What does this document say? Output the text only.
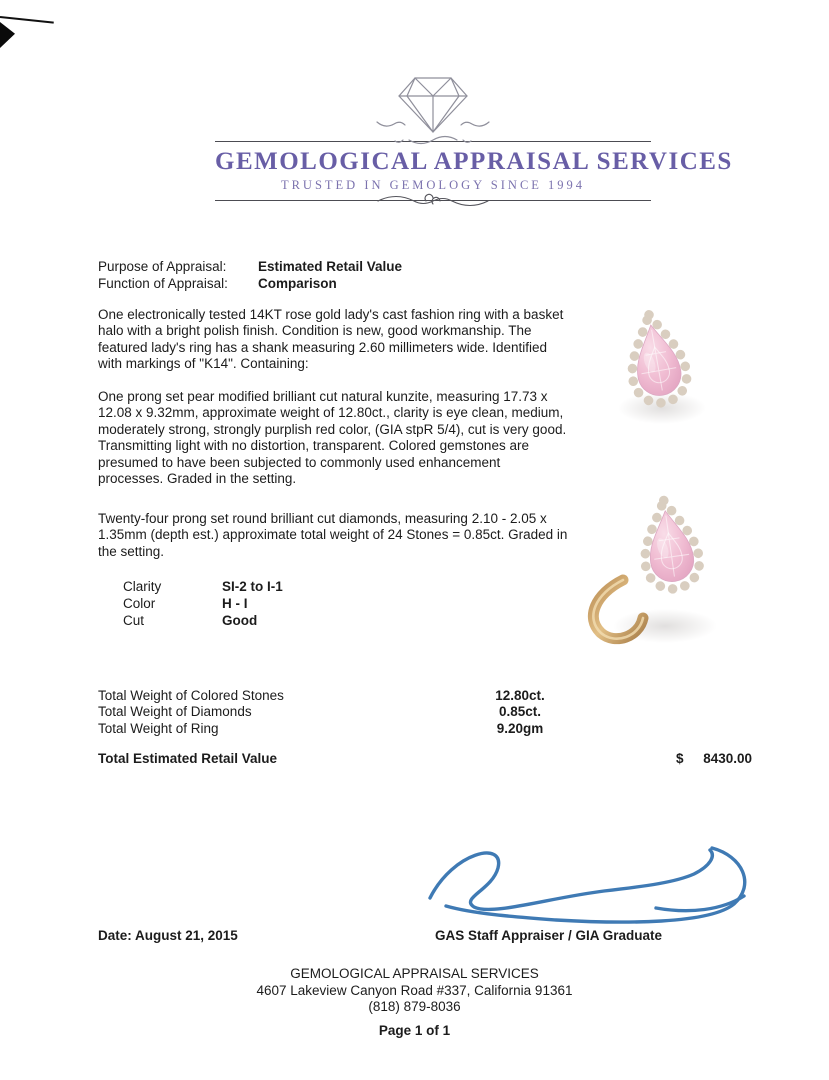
GEMOLOGICAL APPRAISAL SERVICES
TRUSTED IN GEMOLOGY SINCE 1994
Purpose of Appraisal:	Estimated Retail Value
Function of Appraisal:	Comparison
One electronically tested 14KT rose gold lady's cast fashion ring with a basket halo with a bright polish finish. Condition is new, good workmanship. The featured lady's ring has a shank measuring 2.60 millimeters wide. Identified with markings of "K14". Containing:
One prong set pear modified brilliant cut natural kunzite, measuring 17.73 x 12.08 x 9.32mm, approximate weight of 12.80ct., clarity is eye clean, medium, moderately strong, strongly purplish red color, (GIA stpR 5/4), cut is very good. Transmitting light with no distortion, transparent. Colored gemstones are presumed to have been subjected to commonly used enhancement processes. Graded in the setting.
Twenty-four prong set round brilliant cut diamonds, measuring 2.10 - 2.05 x 1.35mm (depth est.) approximate total weight of 24 Stones = 0.85ct. Graded in the setting.
Clarity	SI-2 to I-1
Color	H - I
Cut	Good
Total Weight of Colored Stones	12.80ct.
Total Weight of Diamonds	0.85ct.
Total Weight of Ring	9.20gm
Total Estimated Retail Value	$	8430.00
Date: August 21, 2015	GAS Staff Appraiser / GIA Graduate
GEMOLOGICAL APPRAISAL SERVICES
4607 Lakeview Canyon Road #337, California 91361
(818) 879-8036
Page 1 of 1
